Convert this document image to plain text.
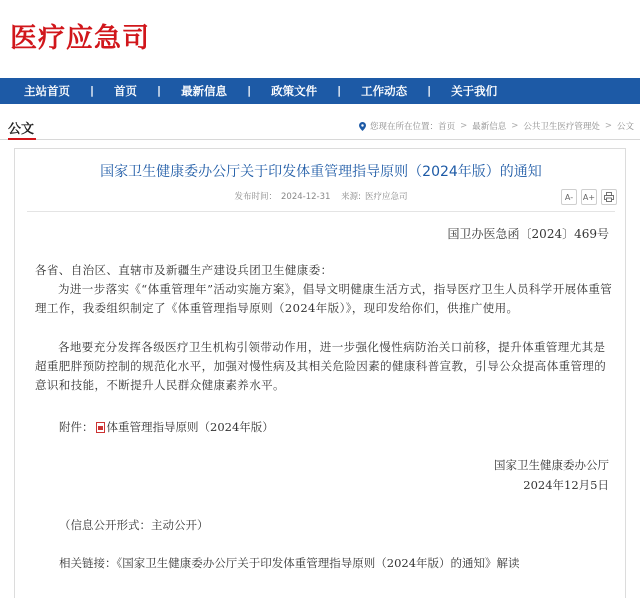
医疗应急司
主站首页	|	首页	|	最新信息	|	政策文件	|	工作动态	|	关于我们
公文	您现在所在位置： 首页 > 最新信息 > 公共卫生医疗管理处 > 公文
国家卫生健康委办公厅关于印发体重管理指导原则（2024年版）的通知
发布时间： 2024-12-31 来源: 医疗应急司	A-	A+
国卫办医急函〔2024〕469号

各省、自治区、直辖市及新疆生产建设兵团卫生健康委：

为进一步落实《“体重管理年”活动实施方案》，倡导文明健康生活方式，指导医疗卫生人员科学开展体重管理工作，我委组织制定了《体重管理指导原则（2024年版）》，现印发给你们，供推广使用。

各地要充分发挥各级医疗卫生机构引领带动作用，进一步强化慢性病防治关口前移，提升体重管理尤其是超重肥胖预防控制的规范化水平，加强对慢性病及其相关危险因素的健康科普宣教，引导公众提高体重管理的意识和技能，不断提升人民群众健康素养水平。

附件： 体重管理指导原则（2024年版）
国家卫生健康委办公厅
2024年12月5日
（信息公开形式：主动公开）
相关链接：《国家卫生健康委办公厅关于印发体重管理指导原则（2024年版）的通知》解读
